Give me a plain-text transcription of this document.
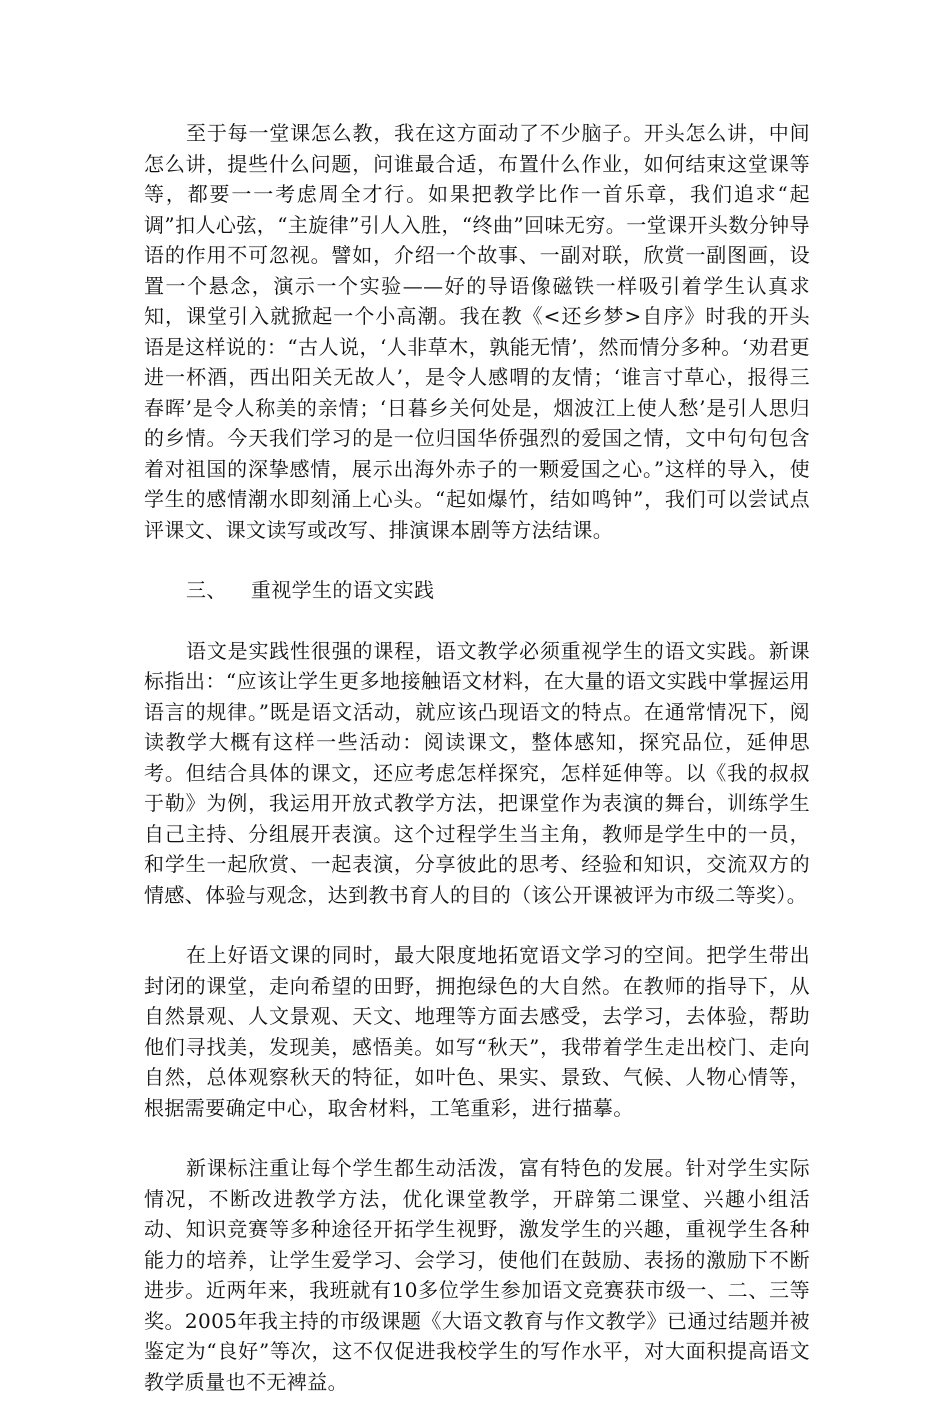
至于每一堂课怎么教，我在这方面动了不少脑子。开头怎么讲，中间怎么讲，提些什么问题，问谁最合适，布置什么作业，如何结束这堂课等等，都要一一考虑周全才行。如果把教学比作一首乐章，我们追求“起调”扣人心弦，“主旋律”引人入胜，“终曲”回味无穷。一堂课开头数分钟导语的作用不可忽视。譬如，介绍一个故事、一副对联，欣赏一副图画，设置一个悬念，演示一个实验——好的导语像磁铁一样吸引着学生认真求知，课堂引入就掀起一个小高潮。我在教《<还乡梦>自序》时我的开头语是这样说的：“古人说，‘人非草木，孰能无情’，然而情分多种。‘劝君更进一杯酒，西出阳关无故人’，是令人感喟的友情；‘谁言寸草心，报得三春晖’是令人称美的亲情；‘日暮乡关何处是，烟波江上使人愁’是引人思归的乡情。今天我们学习的是一位归国华侨强烈的爱国之情，文中句句包含着对祖国的深挚感情，展示出海外赤子的一颗爱国之心。”这样的导入，使学生的感情潮水即刻涌上心头。“起如爆竹，结如鸣钟”，我们可以尝试点评课文、课文读写或改写、排演课本剧等方法结课。

三、 重视学生的语文实践

语文是实践性很强的课程，语文教学必须重视学生的语文实践。新课标指出：“应该让学生更多地接触语文材料，在大量的语文实践中掌握运用语言的规律。”既是语文活动，就应该凸现语文的特点。在通常情况下，阅读教学大概有这样一些活动：阅读课文，整体感知，探究品位，延伸思考。但结合具体的课文，还应考虑怎样探究，怎样延伸等。以《我的叔叔于勒》为例，我运用开放式教学方法，把课堂作为表演的舞台，训练学生自己主持、分组展开表演。这个过程学生当主角，教师是学生中的一员，和学生一起欣赏、一起表演，分享彼此的思考、经验和知识，交流双方的情感、体验与观念，达到教书育人的目的（该公开课被评为市级二等奖）。

在上好语文课的同时，最大限度地拓宽语文学习的空间。把学生带出封闭的课堂，走向希望的田野，拥抱绿色的大自然。在教师的指导下，从自然景观、人文景观、天文、地理等方面去感受，去学习，去体验，帮助他们寻找美，发现美，感悟美。如写“秋天”，我带着学生走出校门、走向自然，总体观察秋天的特征，如叶色、果实、景致、气候、人物心情等，根据需要确定中心，取舍材料，工笔重彩，进行描摹。

新课标注重让每个学生都生动活泼，富有特色的发展。针对学生实际情况，不断改进教学方法，优化课堂教学，开辟第二课堂、兴趣小组活动、知识竞赛等多种途径开拓学生视野，激发学生的兴趣，重视学生各种能力的培养，让学生爱学习、会学习，使他们在鼓励、表扬的激励下不断进步。近两年来，我班就有10多位学生参加语文竞赛获市级一、二、三等奖。2005年我主持的市级课题《大语文教育与作文教学》已通过结题并被鉴定为“良好”等次，这不仅促进我校学生的写作水平，对大面积提高语文教学质量也不无裨益。
